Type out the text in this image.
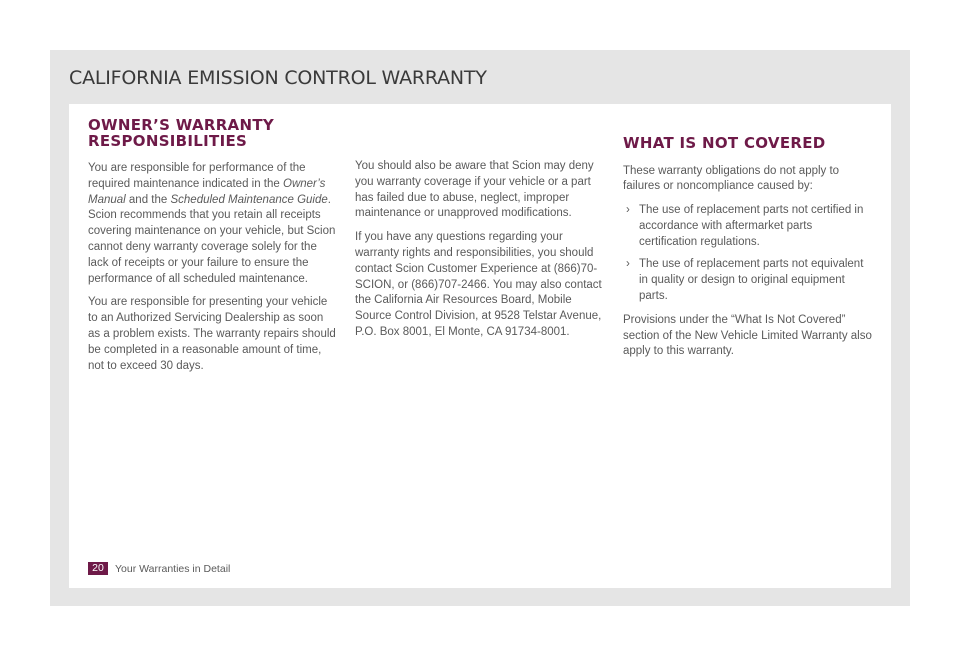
CALIFORNIA EMISSION CONTROL WARRANTY
OWNER’S WARRANTY
RESPONSIBILITIES

You are responsible for performance of the required maintenance indicated in the Owner’s Manual and the Scheduled Maintenance Guide. Scion recommends that you retain all receipts covering maintenance on your vehicle, but Scion cannot deny warranty coverage solely for the lack of receipts or your failure to ensure the performance of all scheduled maintenance.

You are responsible for presenting your vehicle to an Authorized Servicing Dealership as soon as a problem exists. The warranty repairs should be completed in a reasonable amount of time, not to exceed 30 days.

You should also be aware that Scion may deny you warranty coverage if your vehicle or a part has failed due to abuse, neglect, improper maintenance or unapproved modifications.

If you have any questions regarding your warranty rights and responsibilities, you should contact Scion Customer Experience at (866)70-SCION, or (866)707-2466. You may also contact the California Air Resources Board, Mobile Source Control Division, at 9528 Telstar Avenue, P.O. Box 8001, El Monte, CA 91734-8001.

WHAT IS NOT COVERED

These warranty obligations do not apply to failures or noncompliance caused by:

› The use of replacement parts not certified in accordance with aftermarket parts certification regulations.
› The use of replacement parts not equivalent in quality or design to original equipment parts.

Provisions under the “What Is Not Covered” section of the New Vehicle Limited Warranty also apply to this warranty.

20	Your Warranties in Detail
